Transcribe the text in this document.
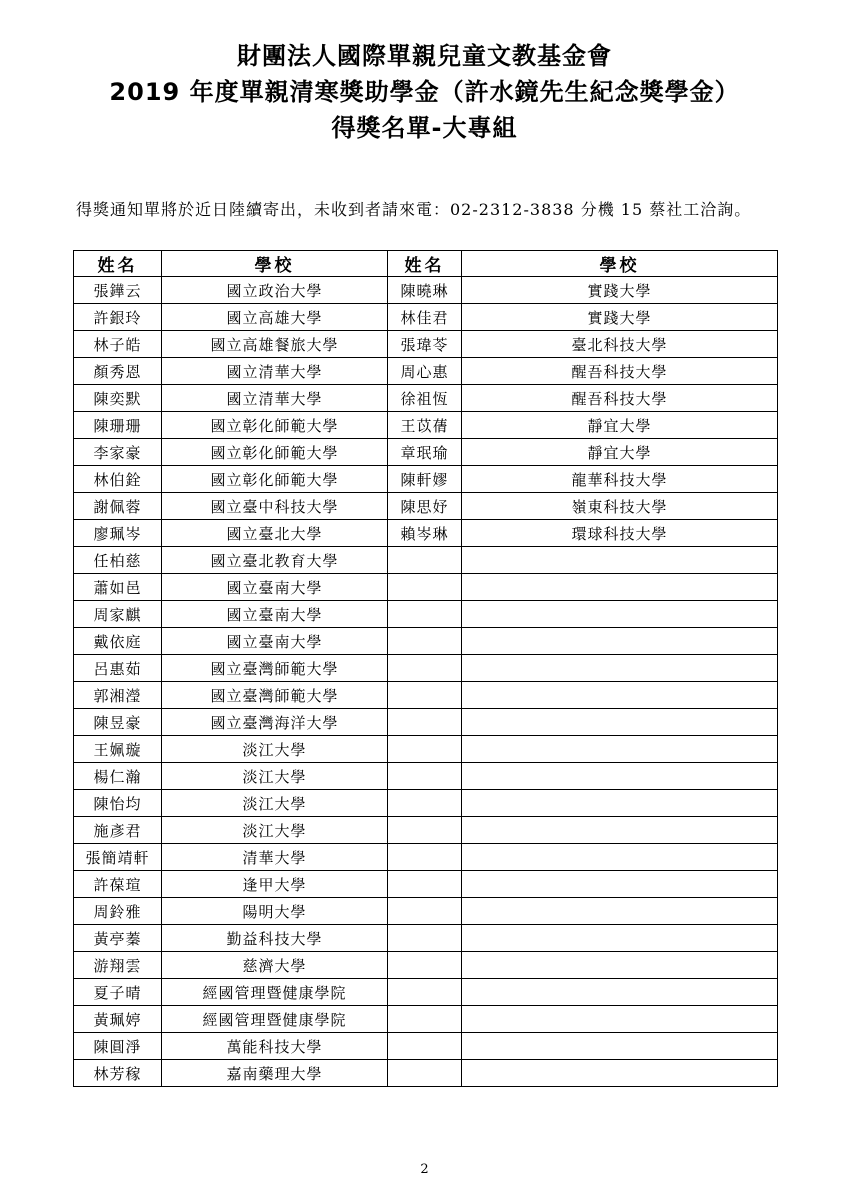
財團法人國際單親兒童文教基金會
2019 年度單親清寒獎助學金（許水鏡先生紀念獎學金）
得獎名單-大專組
得獎通知單將於近日陸續寄出，未收到者請來電：02-2312-3838 分機 15 蔡社工洽詢。
姓名	學校	姓名	學校
張鏵云	國立政治大學	陳曉琳	實踐大學
許銀玲	國立高雄大學	林佳君	實踐大學
林子皓	國立高雄餐旅大學	張瑋苓	臺北科技大學
顏秀恩	國立清華大學	周心惠	醒吾科技大學
陳奕默	國立清華大學	徐祖恆	醒吾科技大學
陳珊珊	國立彰化師範大學	王苡蒨	靜宜大學
李家豪	國立彰化師範大學	章珉瑜	靜宜大學
林伯銓	國立彰化師範大學	陳軒嫪	龍華科技大學
謝佩蓉	國立臺中科技大學	陳思妤	嶺東科技大學
廖珮岑	國立臺北大學	賴岑琳	環球科技大學
任柏慈	國立臺北教育大學		
蕭如邑	國立臺南大學		
周家麒	國立臺南大學		
戴依庭	國立臺南大學		
呂惠茹	國立臺灣師範大學		
郭湘瀅	國立臺灣師範大學		
陳昱豪	國立臺灣海洋大學		
王姵璇	淡江大學		
楊仁瀚	淡江大學		
陳怡均	淡江大學		
施彥君	淡江大學		
張簡靖軒	清華大學		
許葆瑄	逢甲大學		
周鈴雅	陽明大學		
黃亭蓁	勤益科技大學		
游翔雲	慈濟大學		
夏子晴	經國管理暨健康學院		
黃珮婷	經國管理暨健康學院		
陳圓淨	萬能科技大學		
林芳稼	嘉南藥理大學		
2
